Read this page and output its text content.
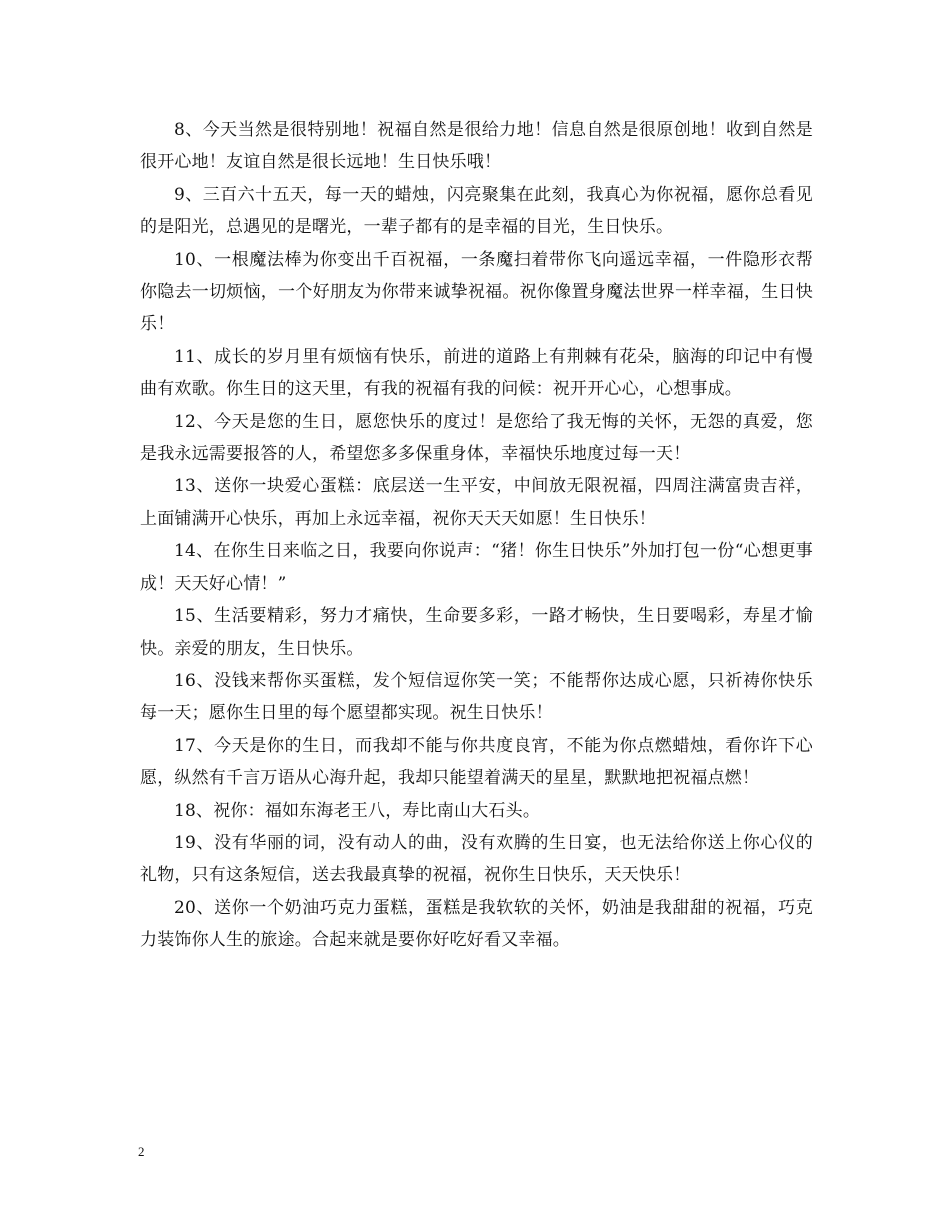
8、今天当然是很特别地！祝福自然是很给力地！信息自然是很原创地！收到自然是很开心地！友谊自然是很长远地！生日快乐哦！

9、三百六十五天，每一天的蜡烛，闪亮聚集在此刻，我真心为你祝福，愿你总看见的是阳光，总遇见的是曙光，一辈子都有的是幸福的目光，生日快乐。

10、一根魔法棒为你变出千百祝福，一条魔扫着带你飞向遥远幸福，一件隐形衣帮你隐去一切烦恼，一个好朋友为你带来诚挚祝福。祝你像置身魔法世界一样幸福，生日快乐！

11、成长的岁月里有烦恼有快乐，前进的道路上有荆棘有花朵，脑海的印记中有慢曲有欢歌。你生日的这天里，有我的祝福有我的问候：祝开开心心，心想事成。

12、今天是您的生日，愿您快乐的度过！是您给了我无悔的关怀，无怨的真爱，您是我永远需要报答的人，希望您多多保重身体，幸福快乐地度过每一天！

13、送你一块爱心蛋糕：底层送一生平安，中间放无限祝福，四周注满富贵吉祥，上面铺满开心快乐，再加上永远幸福，祝你天天天如愿！生日快乐！

14、在你生日来临之日，我要向你说声：“猪！你生日快乐”外加打包一份“心想更事成！天天好心情！”

15、生活要精彩，努力才痛快，生命要多彩，一路才畅快，生日要喝彩，寿星才愉快。亲爱的朋友，生日快乐。

16、没钱来帮你买蛋糕，发个短信逗你笑一笑；不能帮你达成心愿，只祈祷你快乐每一天；愿你生日里的每个愿望都实现。祝生日快乐！

17、今天是你的生日，而我却不能与你共度良宵，不能为你点燃蜡烛，看你许下心愿，纵然有千言万语从心海升起，我却只能望着满天的星星，默默地把祝福点燃！

18、祝你：福如东海老王八，寿比南山大石头。

19、没有华丽的词，没有动人的曲，没有欢腾的生日宴，也无法给你送上你心仪的礼物，只有这条短信，送去我最真挚的祝福，祝你生日快乐，天天快乐！

20、送你一个奶油巧克力蛋糕，蛋糕是我软软的关怀，奶油是我甜甜的祝福，巧克力装饰你人生的旅途。合起来就是要你好吃好看又幸福。

2
